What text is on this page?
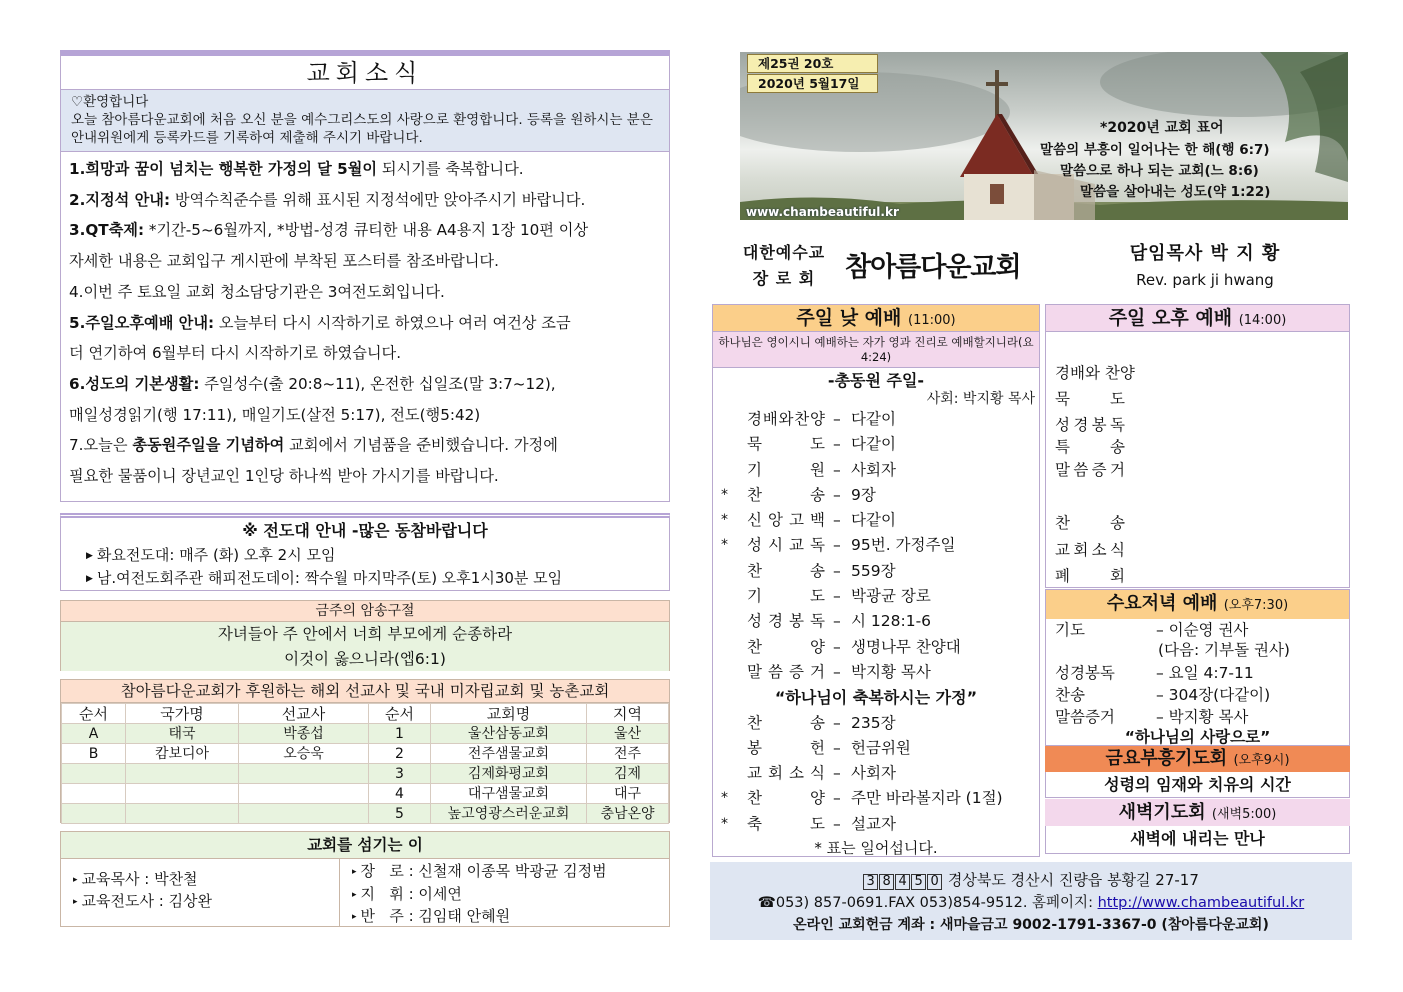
교회소식
♡환영합니다
오늘 참아름다운교회에 처음 오신 분을 예수그리스도의 사랑으로 환영합니다. 등록을 원하시는 분은 안내위원에게 등록카드를 기록하여 제출해 주시기 바랍니다.
1.희망과 꿈이 넘치는 행복한 가정의 달 5월이 되시기를 축복합니다.
2.지정석 안내: 방역수칙준수를 위해 표시된 지정석에만 앉아주시기 바랍니다.
3.QT축제: *기간-5~6월까지, *방법-성경 큐티한 내용 A4용지 1장 10편 이상
자세한 내용은 교회입구 게시판에 부착된 포스터를 참조바랍니다.
4.이번 주 토요일 교회 청소담당기관은 3여전도회입니다.
5.주일오후예배 안내: 오늘부터 다시 시작하기로 하였으나 여러 여건상 조금
더 연기하여 6월부터 다시 시작하기로 하였습니다.
6.성도의 기본생활: 주일성수(출 20:8~11), 온전한 십일조(말 3:7~12),
매일성경읽기(행 17:11), 매일기도(살전 5:17), 전도(행5:42)
7.오늘은 총동원주일을 기념하여 교회에서 기념품을 준비했습니다. 가정에
필요한 물품이니 장년교인 1인당 하나씩 받아 가시기를 바랍니다.
※ 전도대 안내 -많은 동참바랍니다
▶ 화요전도대: 매주 (화) 오후 2시 모임
▶ 남.여전도회주관 해피전도데이: 짝수월 마지막주(토) 오후1시30분 모임
금주의 암송구절
자녀들아 주 안에서 너희 부모에게 순종하라
이것이 옳으니라(엡6:1)
참아름다운교회가 후원하는 해외 선교사 및 국내 미자립교회 및 농촌교회
순서	국가명	선교사	순서	교회명	지역
A	태국	박종섭	1	울산삼동교회	울산
B	캄보디아	오승욱	2	전주샘물교회	전주
			3	김제화평교회	김제
			4	대구샘물교회	대구
			5	높고영광스러운교회	충남온양
교회를 섬기는 이
▸ 교육목사 : 박찬철
▸ 교육전도사 : 김상완
▸ 장   로 : 신철재 이종목 박광균 김정범
▸ 지   휘 : 이세연
▸ 반   주 : 김임태 안혜원
제25권 20호
2020년 5월17일
*2020년 교회 표어
말씀의 부흥이 일어나는 한 해(행 6:7)
말씀으로 하나 되는 교회(느 8:6)
말씀을 살아내는 성도(약 1:22)
www.chambeautiful.kr
대한예수교
장 로 회	참아름다운교회	담임목사 박 지 황
Rev. park ji hwang
주일 낮 예배 (11:00)
하나님은 영이시니 예배하는 자가 영과 진리로 예배할지니라(요4:24)
-총동원 주일-
사회: 박지황 목사
경 배 와 찬 양 – 다같이
묵	도 – 다같이
기	원 – 사회자
* 찬	송 – 9장
* 신 앙 고 백 – 다같이
* 성 시 교 독 – 95번. 가정주일
찬	송 – 559장
기	도 – 박광균 장로
성 경 봉 독 – 시 128:1-6
찬	양 – 생명나무 찬양대
말 씀 증 거 – 박지황 목사
“하나님이 축복하시는 가정”
찬	송 – 235장
봉	헌 – 헌금위원
교 회 소 식 – 사회자
* 찬	양 – 주만 바라볼지라 (1절)
* 축	도 – 설교자
* 표는 일어섭니다.
주일 오후 예배 (14:00)
경배와 찬양
묵	도
성 경 봉 독
특	송
말 씀 증 거
찬	송
교 회 소 식
폐	회
수요저녁 예배 (오후7:30)
기도	– 이순영 권사
(다음: 기부돌 권사)
성경봉독	– 요일 4:7-11
찬송	– 304장(다같이)
말씀증거	– 박지황 목사
“하나님의 사랑으로”
금요부흥기도회 (오후9시)
성령의 임재와 치유의 시간
새벽기도회 (새벽5:00)
새벽에 내리는 만나
3 8 4 5 0 경상북도 경산시 진량읍 봉황길 27-17
☎053) 857-0691.FAX 053)854-9512. 홈페이지: http://www.chambeautiful.kr
온라인 교회헌금 계좌 : 새마을금고 9002-1791-3367-0 (참아름다운교회)
